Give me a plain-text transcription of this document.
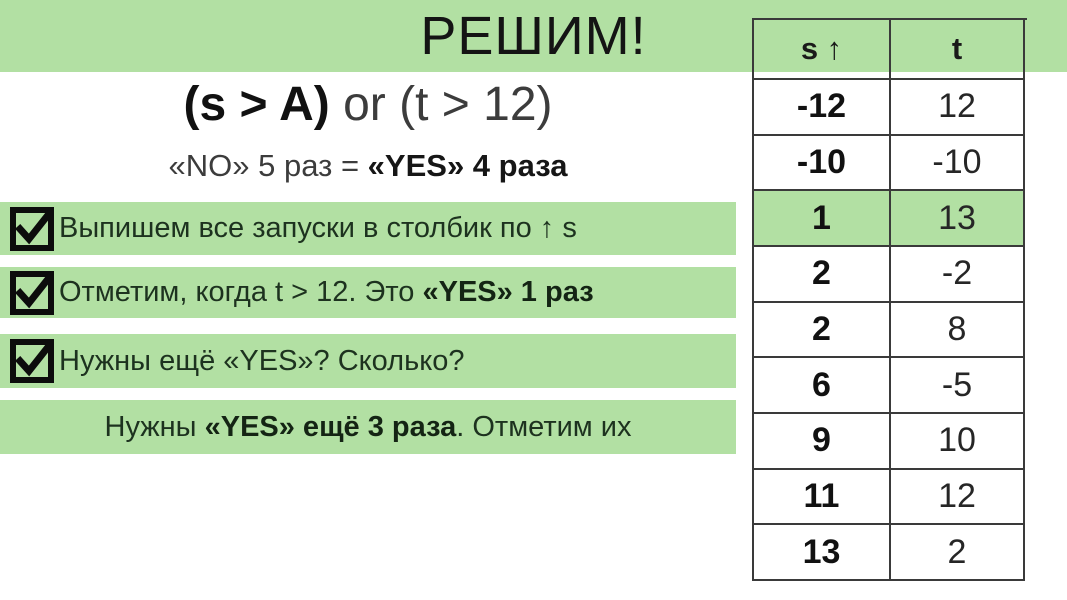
РЕШИМ!
(s > A) or (t > 12)
«NO» 5 раз = «YES» 4 раза
Выпишем все запуски в столбик по ↑ s
Отметим, когда t > 12. Это «YES» 1 раз
Нужны ещё «YES»? Сколько?
Нужны «YES» ещё 3 раза. Отметим их
s ↑	t
-12	12
-10	-10
1	13
2	-2
2	8
6	-5
9	10
11	12
13	2
